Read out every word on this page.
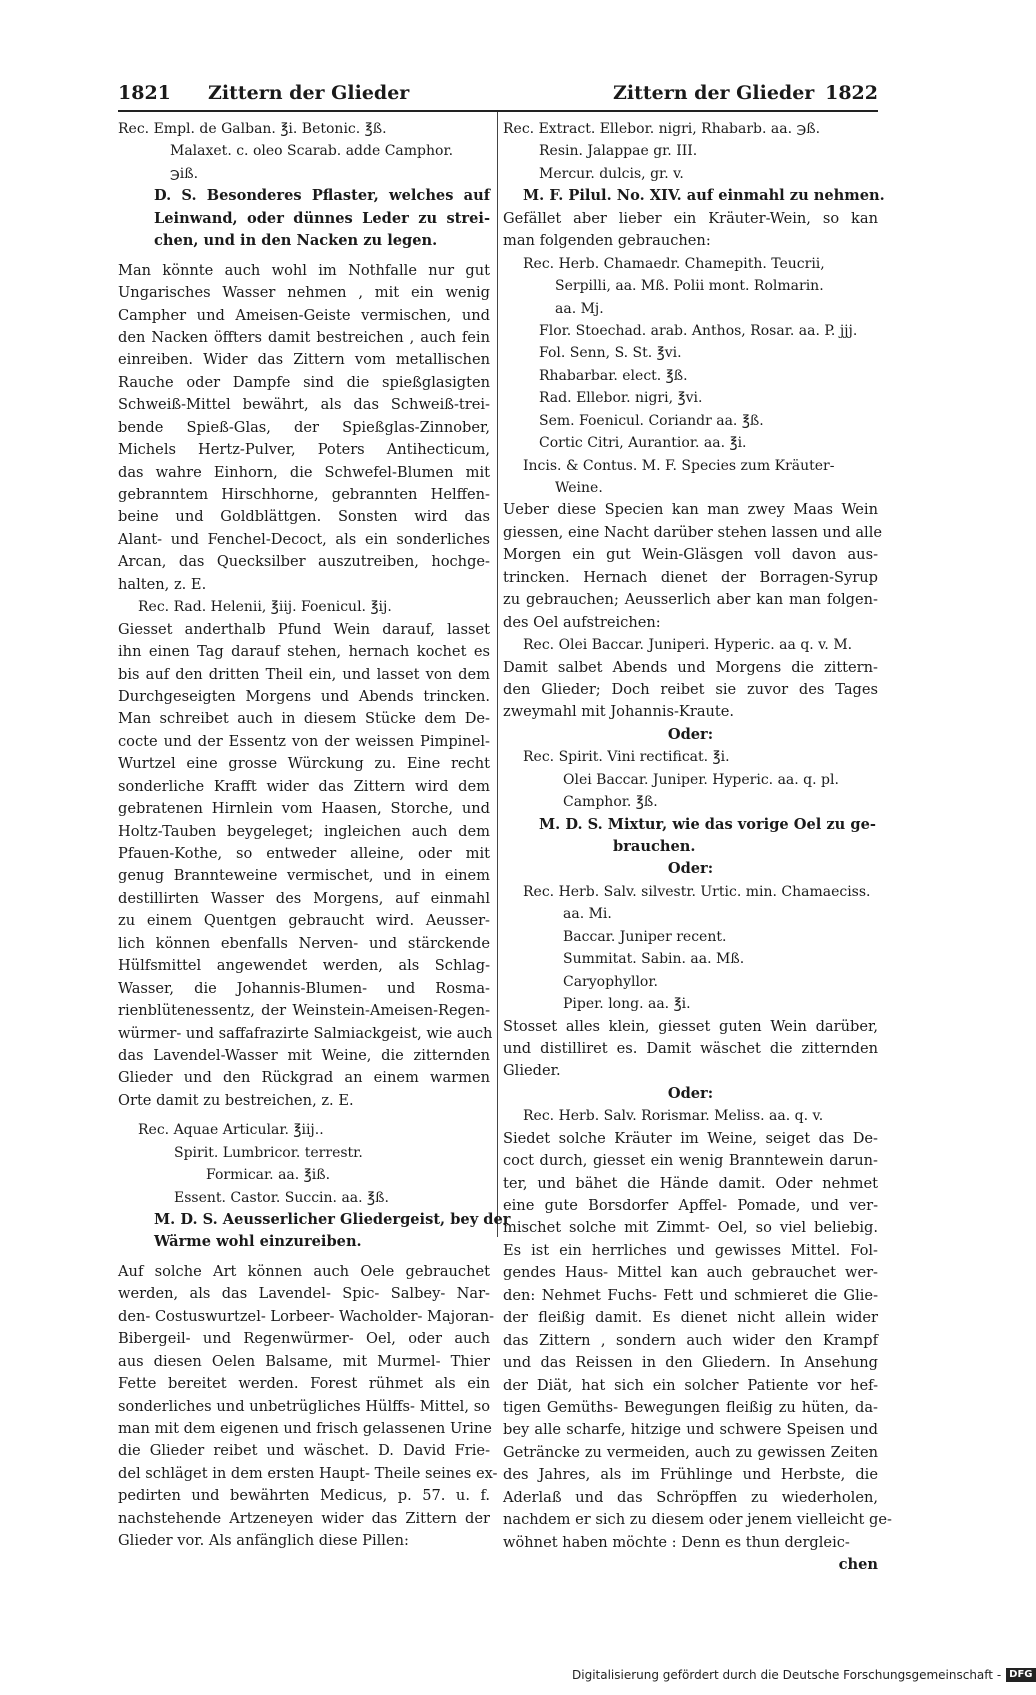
1821 Zittern der Glieder	Zittern der Glieder 1822
Rec. Empl. de Galban. ℥i. Betonic. ℥ß.
Malaxet. c. oleo Scarab. adde Camphor.
℈iß.
D. S. Besonderes Pflaster, welches auf
Leinwand, oder dünnes Leder zu strei-
chen, und in den Nacken zu legen.
Man könnte auch wohl im Nothfalle nur gut
Ungarisches Wasser nehmen , mit ein wenig
Campher und Ameisen-Geiste vermischen, und
den Nacken öffters damit bestreichen , auch fein
einreiben. Wider das Zittern vom metallischen
Rauche oder Dampfe sind die spießglasigten
Schweiß-Mittel bewährt, als das Schweiß-trei-
bende Spieß-Glas, der Spießglas-Zinnober,
Michels Hertz-Pulver, Poters Antihecticum,
das wahre Einhorn, die Schwefel-Blumen mit
gebranntem Hirschhorne, gebrannten Helffen-
beine und Goldblättgen. Sonsten wird das
Alant- und Fenchel-Decoct, als ein sonderliches
Arcan, das Quecksilber auszutreiben, hochge-
halten, z. E.
Rec. Rad. Helenii, ℥iij. Foenicul. ℥ij.
Giesset anderthalb Pfund Wein darauf, lasset
ihn einen Tag darauf stehen, hernach kochet es
bis auf den dritten Theil ein, und lasset von dem
Durchgeseigten Morgens und Abends trincken.
Man schreibet auch in diesem Stücke dem De-
cocte und der Essentz von der weissen Pimpinel-
Wurtzel eine grosse Würckung zu. Eine recht
sonderliche Krafft wider das Zittern wird dem
gebratenen Hirnlein vom Haasen, Storche, und
Holtz-Tauben beygeleget; ingleichen auch dem
Pfauen-Kothe, so entweder alleine, oder mit
genug Brannteweine vermischet, und in einem
destillirten Wasser des Morgens, auf einmahl
zu einem Quentgen gebraucht wird. Aeusser-
lich können ebenfalls Nerven- und stärckende
Hülfsmittel angewendet werden, als Schlag-
Wasser, die Johannis-Blumen- und Rosma-
rienblütenessentz, der Weinstein-Ameisen-Regen-
würmer- und saffafrazirte Salmiackgeist, wie auch
das Lavendel-Wasser mit Weine, die zitternden
Glieder und den Rückgrad an einem warmen
Orte damit zu bestreichen, z. E.
Rec. Aquae Articular. ℥iij..
Spirit. Lumbricor. terrestr.
Formicar. aa. ℥iß.
Essent. Castor. Succin. aa. ℥ß.
M. D. S. Aeusserlicher Gliedergeist, bey der
Wärme wohl einzureiben.
Auf solche Art können auch Oele gebrauchet
werden, als das Lavendel- Spic- Salbey- Nar-
den- Costuswurtzel- Lorbeer- Wacholder- Majoran-
Bibergeil- und Regenwürmer- Oel, oder auch
aus diesen Oelen Balsame, mit Murmel- Thier
Fette bereitet werden. Forest rühmet als ein
sonderliches und unbetrügliches Hülffs- Mittel, so
man mit dem eigenen und frisch gelassenen Urine
die Glieder reibet und wäschet. D. David Frie-
del schläget in dem ersten Haupt- Theile seines ex-
pedirten und bewährten Medicus, p. 57. u. f.
nachstehende Artzeneyen wider das Zittern der
Glieder vor. Als anfänglich diese Pillen:
Rec. Extract. Ellebor. nigri, Rhabarb. aa. ℈ß.
Resin. Jalappae gr. III.
Mercur. dulcis, gr. v.
M. F. Pilul. No. XIV. auf einmahl zu nehmen.
Gefället aber lieber ein Kräuter-Wein, so kan
man folgenden gebrauchen:
Rec. Herb. Chamaedr. Chamepith. Teucrii,
Serpilli, aa. Mß. Polii mont. Rolmarin.
aa. Mj.
Flor. Stoechad. arab. Anthos, Rosar. aa. P. jjj.
Fol. Senn, S. St. ℥vi.
Rhabarbar. elect. ℥ß.
Rad. Ellebor. nigri, ℥vi.
Sem. Foenicul. Coriandr aa. ℥ß.
Cortic Citri, Aurantior. aa. ℥i.
Incis. & Contus. M. F. Species zum Kräuter-
Weine.
Ueber diese Specien kan man zwey Maas Wein
giessen, eine Nacht darüber stehen lassen und alle
Morgen ein gut Wein-Gläsgen voll davon aus-
trincken. Hernach dienet der Borragen-Syrup
zu gebrauchen; Aeusserlich aber kan man folgen-
des Oel aufstreichen:
Rec. Olei Baccar. Juniperi. Hyperic. aa q. v. M.
Damit salbet Abends und Morgens die zittern-
den Glieder; Doch reibet sie zuvor des Tages
zweymahl mit Johannis-Kraute.
Oder:
Rec. Spirit. Vini rectificat. ℥i.
Olei Baccar. Juniper. Hyperic. aa. q. pl.
Camphor. ℥ß.
M. D. S. Mixtur, wie das vorige Oel zu ge-
brauchen.
Oder:
Rec. Herb. Salv. silvestr. Urtic. min. Chamaeciss.
aa. Mi.
Baccar. Juniper recent.
Summitat. Sabin. aa. Mß.
Caryophyllor.
Piper. long. aa. ℥i.
Stosset alles klein, giesset guten Wein darüber,
und distilliret es. Damit wäschet die zitternden
Glieder.
Oder:
Rec. Herb. Salv. Rorismar. Meliss. aa. q. v.
Siedet solche Kräuter im Weine, seiget das De-
coct durch, giesset ein wenig Branntewein darun-
ter, und bähet die Hände damit. Oder nehmet
eine gute Borsdorfer Apffel- Pomade, und ver-
mischet solche mit Zimmt- Oel, so viel beliebig.
Es ist ein herrliches und gewisses Mittel. Fol-
gendes Haus- Mittel kan auch gebrauchet wer-
den: Nehmet Fuchs- Fett und schmieret die Glie-
der fleißig damit. Es dienet nicht allein wider
das Zittern , sondern auch wider den Krampf
und das Reissen in den Gliedern. In Ansehung
der Diät, hat sich ein solcher Patiente vor hef-
tigen Gemüths- Bewegungen fleißig zu hüten, da-
bey alle scharfe, hitzige und schwere Speisen und
Geträncke zu vermeiden, auch zu gewissen Zeiten
des Jahres, als im Frühlinge und Herbste, die
Aderlaß und das Schröpffen zu wiederholen,
nachdem er sich zu diesem oder jenem vielleicht ge-
wöhnet haben möchte : Denn es thun dergleic-
chen
Digitalisierung gefördert durch die Deutsche Forschungsgemeinschaft - DFG
